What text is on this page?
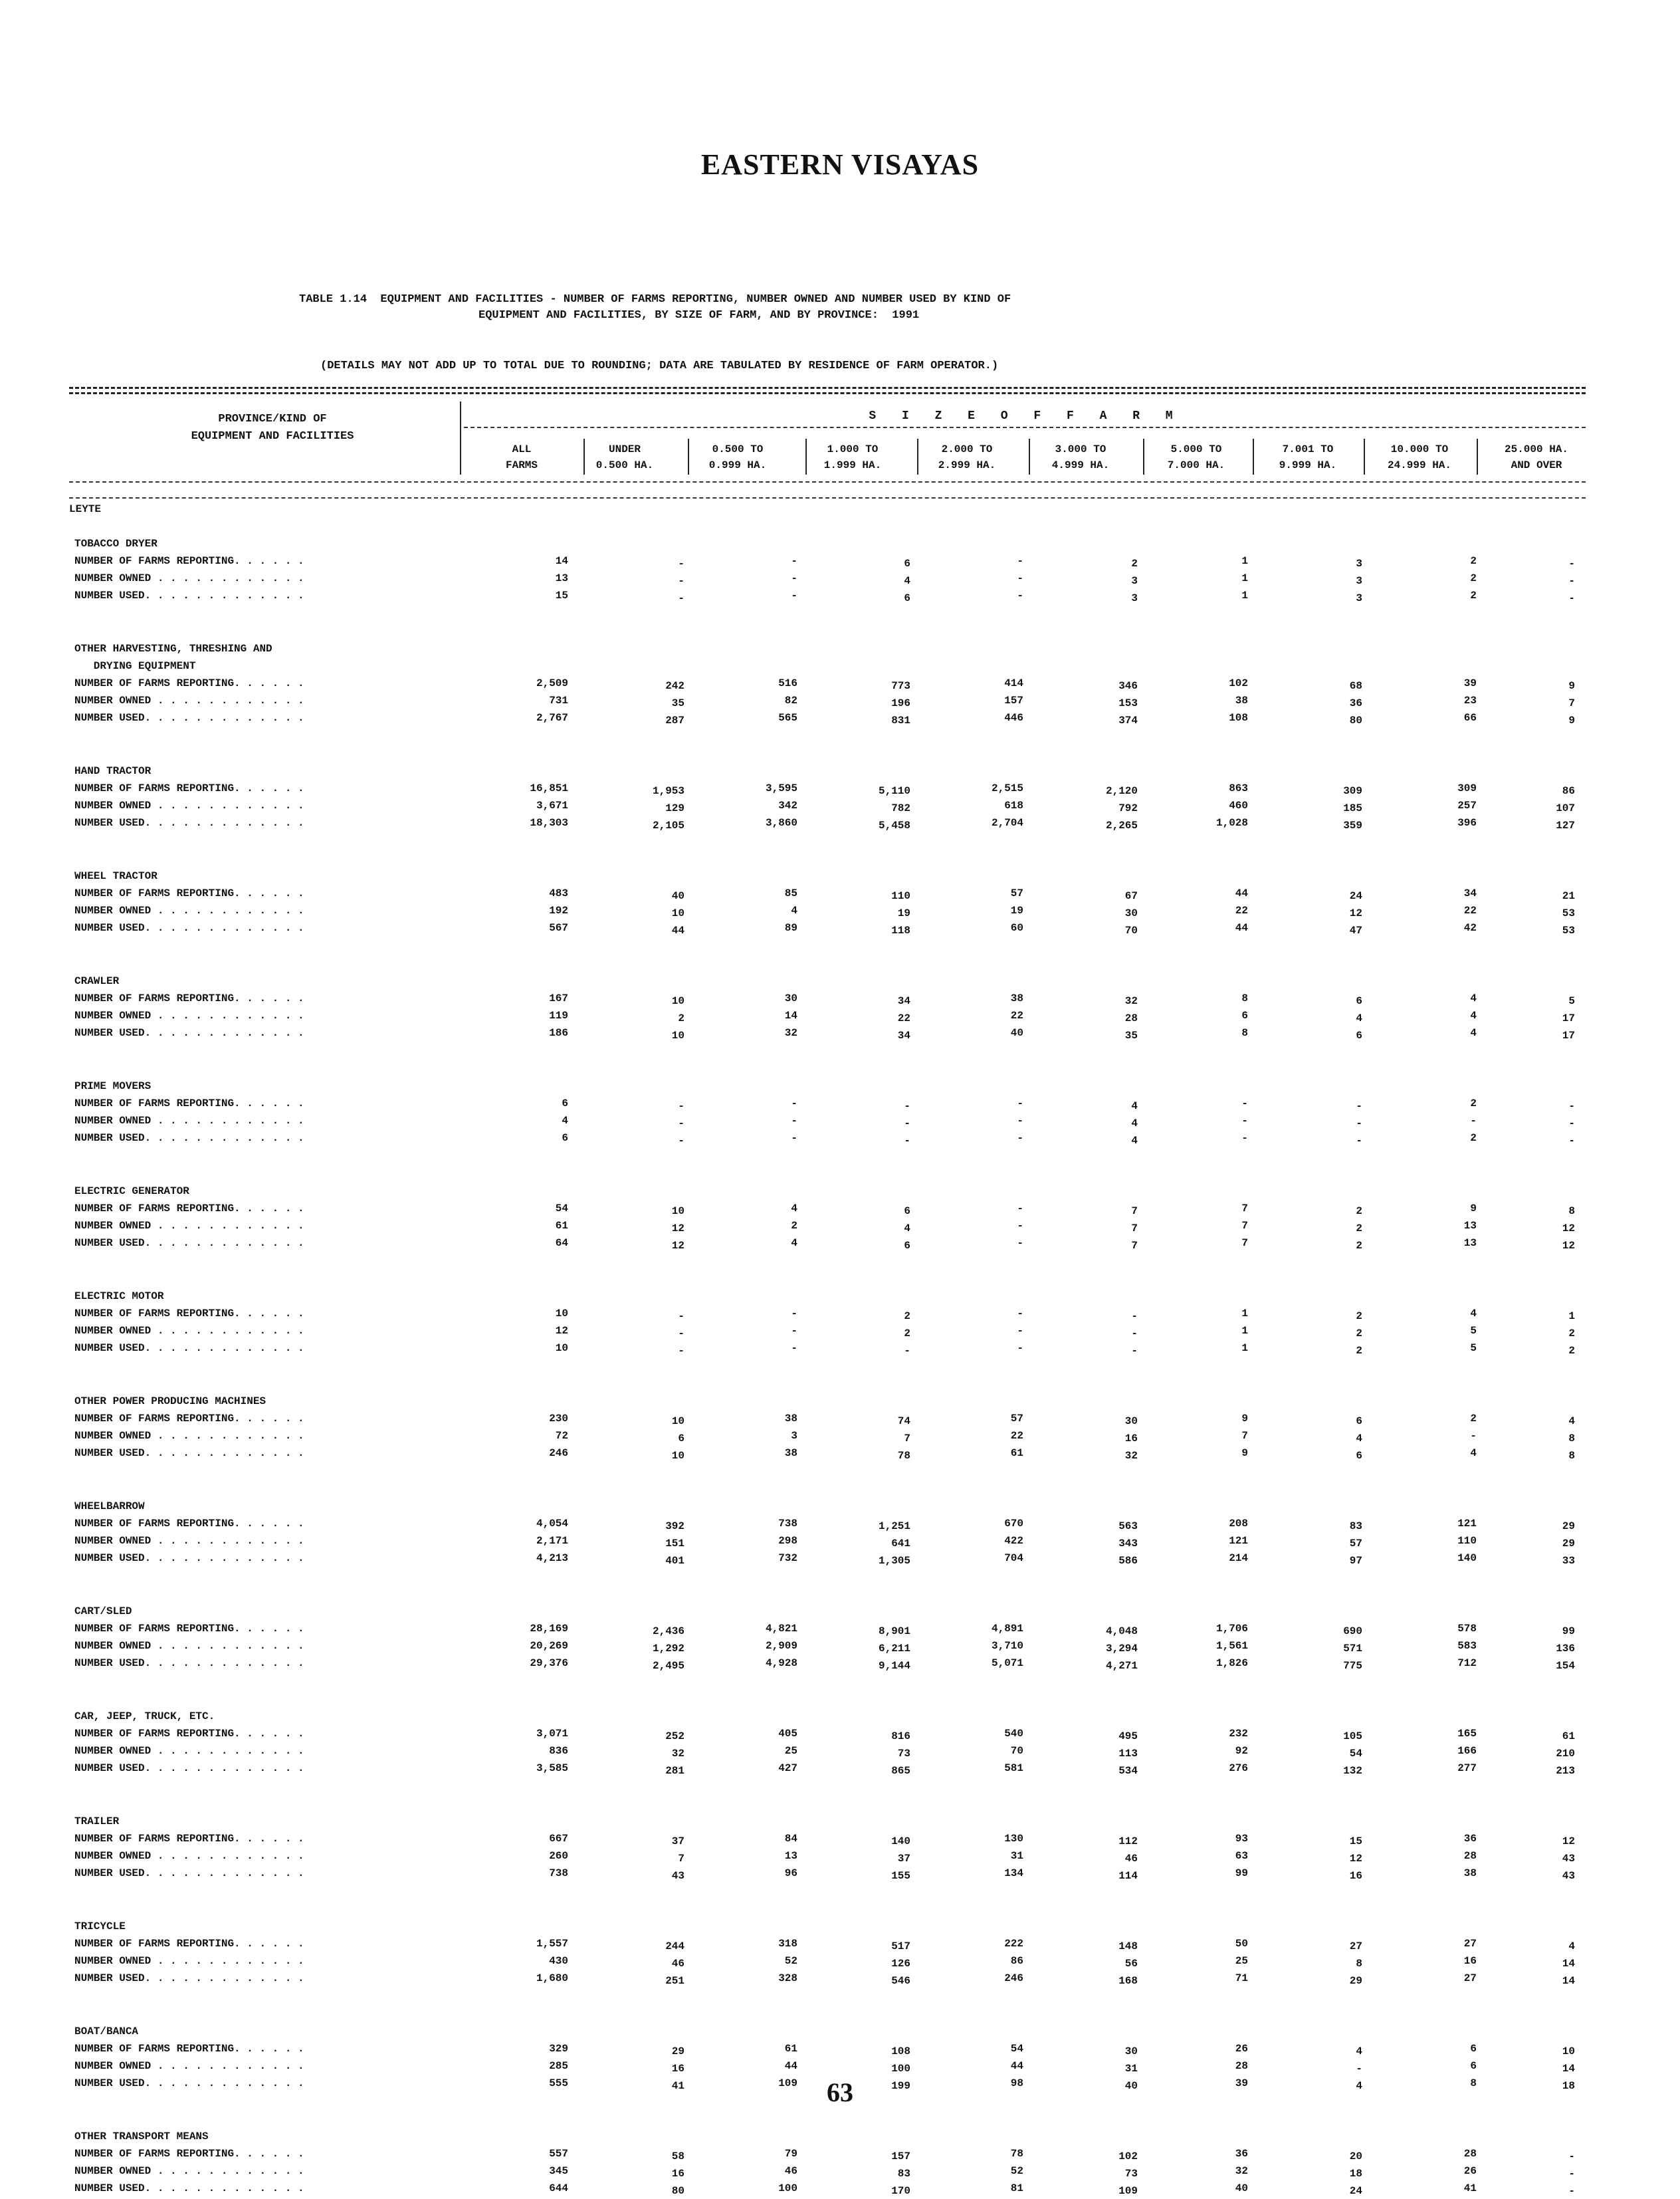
EASTERN VISAYAS
TABLE 1.14  EQUIPMENT AND FACILITIES - NUMBER OF FARMS REPORTING, NUMBER OWNED AND NUMBER USED BY KIND OF
EQUIPMENT AND FACILITIES, BY SIZE OF FARM, AND BY PROVINCE:  1991
(DETAILS MAY NOT ADD UP TO TOTAL DUE TO ROUNDING; DATA ARE TABULATED BY RESIDENCE OF FARM OPERATOR.)
PROVINCE/KIND OF
EQUIPMENT AND FACILITIES
S I Z E O F F A R M
ALL
FARMS
UNDER
0.500 HA.
0.500 TO
0.999 HA.
1.000 TO
1.999 HA.
2.000 TO
2.999 HA.
3.000 TO
4.999 HA.
5.000 TO
7.000 HA.
7.001 TO
9.999 HA.
10.000 TO
24.999 HA.
25.000 HA.
AND OVER
LEYTE
TOBACCO DRYER
NUMBER OF FARMS REPORTING. . . . . .	14	-	-	6	-	2	1	3	2	-
NUMBER OWNED . . . . . . . . . . . .	13	-	-	4	-	3	1	3	2	-
NUMBER USED. . . . . . . . . . . . .	15	-	-	6	-	3	1	3	2	-
OTHER HARVESTING, THRESHING AND
DRYING EQUIPMENT
NUMBER OF FARMS REPORTING. . . . . .	2,509	242	516	773	414	346	102	68	39	9
NUMBER OWNED . . . . . . . . . . . .	731	35	82	196	157	153	38	36	23	7
NUMBER USED. . . . . . . . . . . . .	2,767	287	565	831	446	374	108	80	66	9
HAND TRACTOR
NUMBER OF FARMS REPORTING. . . . . .	16,851	1,953	3,595	5,110	2,515	2,120	863	309	309	86
NUMBER OWNED . . . . . . . . . . . .	3,671	129	342	782	618	792	460	185	257	107
NUMBER USED. . . . . . . . . . . . .	18,303	2,105	3,860	5,458	2,704	2,265	1,028	359	396	127
WHEEL TRACTOR
NUMBER OF FARMS REPORTING. . . . . .	483	40	85	110	57	67	44	24	34	21
NUMBER OWNED . . . . . . . . . . . .	192	10	4	19	19	30	22	12	22	53
NUMBER USED. . . . . . . . . . . . .	567	44	89	118	60	70	44	47	42	53
CRAWLER
NUMBER OF FARMS REPORTING. . . . . .	167	10	30	34	38	32	8	6	4	5
NUMBER OWNED . . . . . . . . . . . .	119	2	14	22	22	28	6	4	4	17
NUMBER USED. . . . . . . . . . . . .	186	10	32	34	40	35	8	6	4	17
PRIME MOVERS
NUMBER OF FARMS REPORTING. . . . . .	6	-	-	-	-	4	-	-	2	-
NUMBER OWNED . . . . . . . . . . . .	4	-	-	-	-	4	-	-	-	-
NUMBER USED. . . . . . . . . . . . .	6	-	-	-	-	4	-	-	2	-
ELECTRIC GENERATOR
NUMBER OF FARMS REPORTING. . . . . .	54	10	4	6	-	7	7	2	9	8
NUMBER OWNED . . . . . . . . . . . .	61	12	2	4	-	7	7	2	13	12
NUMBER USED. . . . . . . . . . . . .	64	12	4	6	-	7	7	2	13	12
ELECTRIC MOTOR
NUMBER OF FARMS REPORTING. . . . . .	10	-	-	2	-	-	1	2	4	1
NUMBER OWNED . . . . . . . . . . . .	12	-	-	2	-	-	1	2	5	2
NUMBER USED. . . . . . . . . . . . .	10	-	-	-	-	-	1	2	5	2
OTHER POWER PRODUCING MACHINES
NUMBER OF FARMS REPORTING. . . . . .	230	10	38	74	57	30	9	6	2	4
NUMBER OWNED . . . . . . . . . . . .	72	6	3	7	22	16	7	4	-	8
NUMBER USED. . . . . . . . . . . . .	246	10	38	78	61	32	9	6	4	8
WHEELBARROW
NUMBER OF FARMS REPORTING. . . . . .	4,054	392	738	1,251	670	563	208	83	121	29
NUMBER OWNED . . . . . . . . . . . .	2,171	151	298	641	422	343	121	57	110	29
NUMBER USED. . . . . . . . . . . . .	4,213	401	732	1,305	704	586	214	97	140	33
CART/SLED
NUMBER OF FARMS REPORTING. . . . . .	28,169	2,436	4,821	8,901	4,891	4,048	1,706	690	578	99
NUMBER OWNED . . . . . . . . . . . .	20,269	1,292	2,909	6,211	3,710	3,294	1,561	571	583	136
NUMBER USED. . . . . . . . . . . . .	29,376	2,495	4,928	9,144	5,071	4,271	1,826	775	712	154
CAR, JEEP, TRUCK, ETC.
NUMBER OF FARMS REPORTING. . . . . .	3,071	252	405	816	540	495	232	105	165	61
NUMBER OWNED . . . . . . . . . . . .	836	32	25	73	70	113	92	54	166	210
NUMBER USED. . . . . . . . . . . . .	3,585	281	427	865	581	534	276	132	277	213
TRAILER
NUMBER OF FARMS REPORTING. . . . . .	667	37	84	140	130	112	93	15	36	12
NUMBER OWNED . . . . . . . . . . . .	260	7	13	37	31	46	63	12	28	43
NUMBER USED. . . . . . . . . . . . .	738	43	96	155	134	114	99	16	38	43
TRICYCLE
NUMBER OF FARMS REPORTING. . . . . .	1,557	244	318	517	222	148	50	27	27	4
NUMBER OWNED . . . . . . . . . . . .	430	46	52	126	86	56	25	8	16	14
NUMBER USED. . . . . . . . . . . . .	1,680	251	328	546	246	168	71	29	27	14
BOAT/BANCA
NUMBER OF FARMS REPORTING. . . . . .	329	29	61	108	54	30	26	4	6	10
NUMBER OWNED . . . . . . . . . . . .	285	16	44	100	44	31	28	-	6	14
NUMBER USED. . . . . . . . . . . . .	555	41	109	199	98	40	39	4	8	18
OTHER TRANSPORT MEANS
NUMBER OF FARMS REPORTING. . . . . .	557	58	79	157	78	102	36	20	28	-
NUMBER OWNED . . . . . . . . . . . .	345	16	46	83	52	73	32	18	26	-
NUMBER USED. . . . . . . . . . . . .	644	80	100	170	81	109	40	24	41	-
63
